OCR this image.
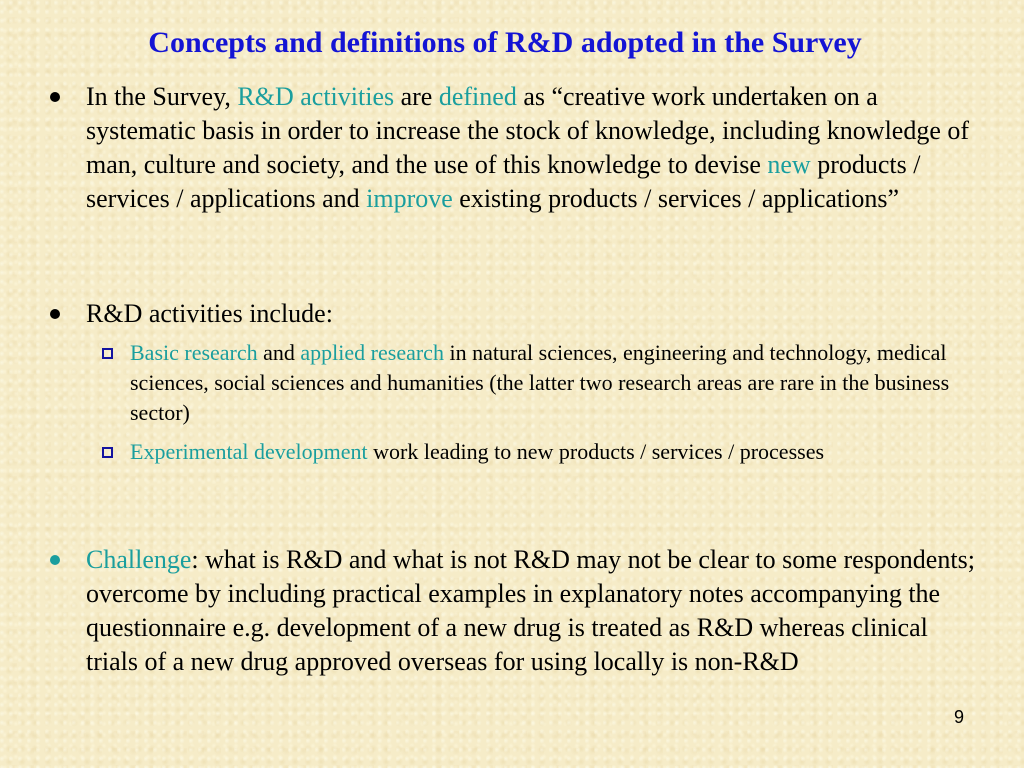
Concepts and definitions of R&D adopted in the Survey
In the Survey, R&D activities are defined as “creative work undertaken on a systematic basis in order to increase the stock of knowledge, including knowledge of man, culture and society, and the use of this knowledge to devise new products / services / applications and improve existing products / services / applications”
R&D activities include:
Basic research and applied research in natural sciences, engineering and technology, medical sciences, social sciences and humanities (the latter two research areas are rare in the business sector)
Experimental development work leading to new products / services / processes
Challenge: what is R&D and what is not R&D may not be clear to some respondents; overcome by including practical examples in explanatory notes accompanying the questionnaire e.g. development of a new drug is treated as R&D whereas clinical trials of a new drug approved overseas for using locally is non-R&D
9
